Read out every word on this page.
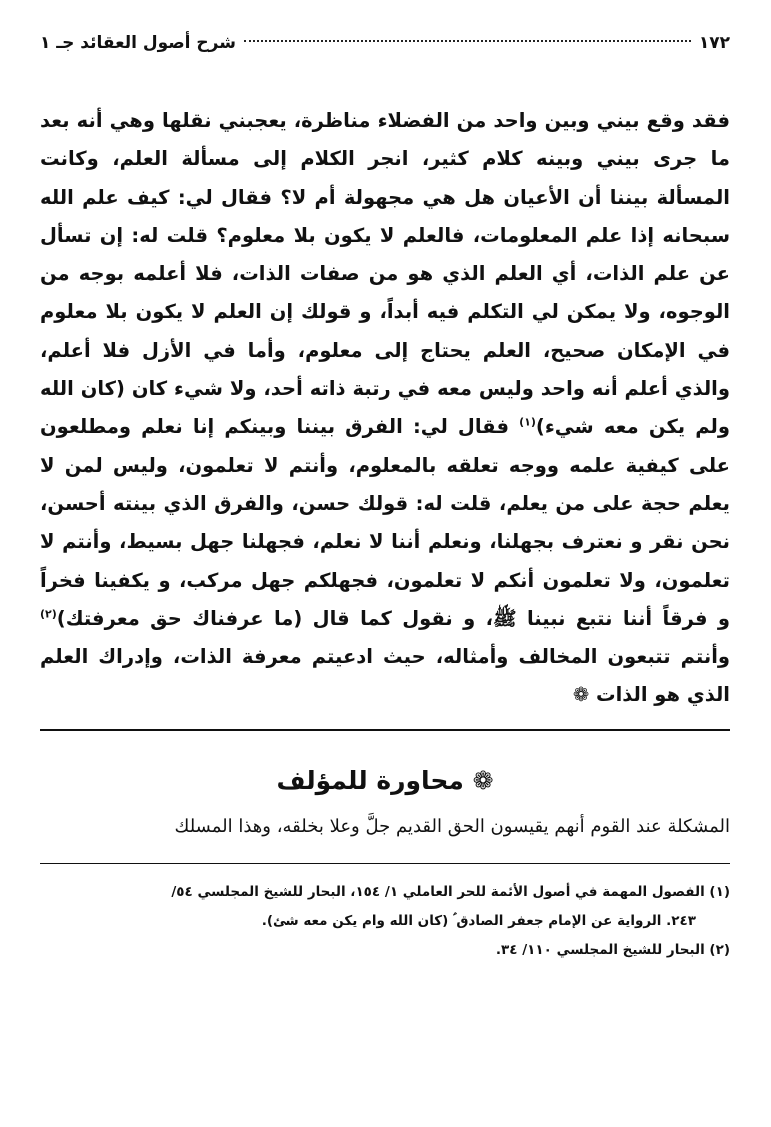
١٧٢
شرح أصول العقائد جـ ١

فقد وقع بيني وبين واحد من الفضلاء مناظرة، يعجبني نقلها وهي أنه بعد ما جرى بيني وبينه كلام كثير، انجر الكلام إلى مسألة العلم، وكانت المسألة بيننا أن الأعيان هل هي مجهولة أم لا؟ فقال لي: كيف علم الله سبحانه إذا علم المعلومات، فالعلم لا يكون بلا معلوم؟ قلت له: إن تسأل عن علم الذات، أي العلم الذي هو من صفات الذات، فلا أعلمه بوجه من الوجوه، ولا يمكن لي التكلم فيه أبداً، و قولك إن العلم لا يكون بلا معلوم في الإمكان صحيح، العلم يحتاج إلى معلوم، وأما في الأزل فلا أعلم، والذي أعلم أنه واحد وليس معه في رتبة ذاته أحد، ولا شيء كان (كان الله ولم يكن معه شيء)$^{(١)}$ فقال لي: الفرق بيننا وبينكم إنا نعلم ومطلعون على كيفية علمه ووجه تعلقه بالمعلوم، وأنتم لا تعلمون، وليس لمن لا يعلم حجة على من يعلم، قلت له: قولك حسن، والفرق الذي بينته أحسن، نحن نقر و نعترف بجهلنا، ونعلم أننا لا نعلم، فجهلنا جهل بسيط، وأنتم لا تعلمون، ولا تعلمون أنكم لا تعلمون، فجهلكم جهل مركب، و يكفينا فخراً و فرقاً أننا نتبع نبينا ﷺ، و نقول كما قال (ما عرفناك حق معرفتك)$^{(٢)}$ وأنتم تتبعون المخالف وأمثاله، حيث ادعيتم معرفة الذات، وإدراك العلم الذي هو الذات ❁

❁ محاورة للمؤلف
المشكلة عند القوم أنهم يقيسون الحق القديم جلَّ وعلا بخلقه، وهذا المسلك

(١) الفصول المهمة في أصول الأئمة للحر العاملي ١/ ١٥٤، البحار للشيخ المجلسي ٥٤/

٢٤٣. الرواية عن الإمام جعفر الصادق ؑ (كان الله وام يكن معه شئ).

(٢) البحار للشيخ المجلسي ١١٠/ ٣٤.
